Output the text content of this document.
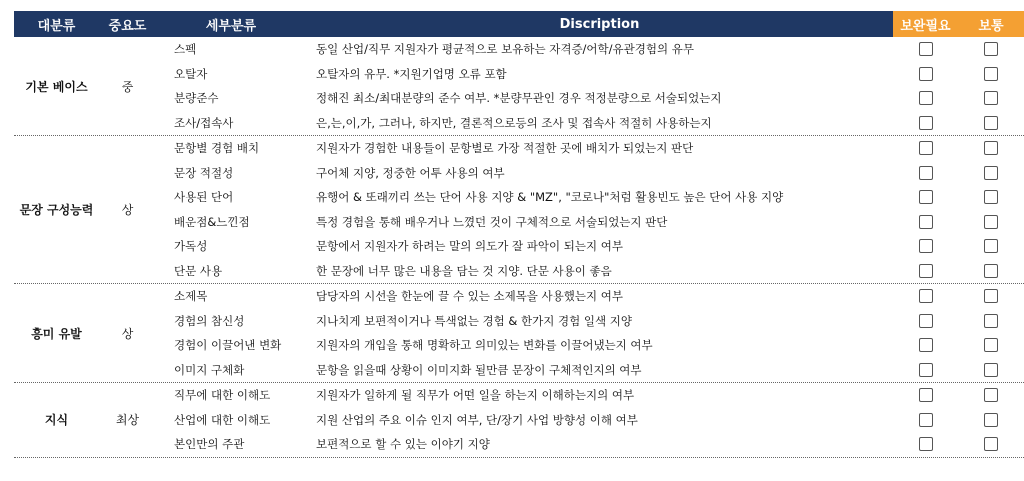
대분류	중요도	세부분류	Discription	보완필요	보통
기본 베이스	중
스펙	동일 산업/직무 지원자가 평균적으로 보유하는 자격증/어학/유관경험의 유무
오탈자	오탈자의 유무. *지원기업명 오류 포함
분량준수	정해진 최소/최대분량의 준수 여부. *분량무관인 경우 적정분량으로 서술되었는지
조사/접속사	은,는,이,가, 그러나, 하지만, 결론적으로등의 조사 및 접속사 적절히 사용하는지
문장 구성능력	상
문항별 경험 배치	지원자가 경험한 내용들이 문항별로 가장 적절한 곳에 배치가 되었는지 판단
문장 적절성	구어체 지양, 정중한 어투 사용의 여부
사용된 단어	유행어 & 또래끼리 쓰는 단어 사용 지양 & "MZ", "코로나"처럼 활용빈도 높은 단어 사용 지양
배운점&느낀점	특정 경험을 통해 배우거나 느꼈던 것이 구체적으로 서술되었는지 판단
가독성	문항에서 지원자가 하려는 말의 의도가 잘 파악이 되는지 여부
단문 사용	한 문장에 너무 많은 내용을 담는 것 지양. 단문 사용이 좋음
흥미 유발	상
소제목	담당자의 시선을 한눈에 끌 수 있는 소제목을 사용했는지 여부
경험의 참신성	지나치게 보편적이거나 특색없는 경험 & 한가지 경험 일색 지양
경험이 이끌어낸 변화	지원자의 개입을 통해 명확하고 의미있는 변화를 이끌어냈는지 여부
이미지 구체화	문항을 읽을때 상황이 이미지화 될만큼 문장이 구체적인지의 여부
지식	최상
직무에 대한 이해도	지원자가 일하게 될 직무가 어떤 일을 하는지 이해하는지의 여부
산업에 대한 이해도	지원 산업의 주요 이슈 인지 여부, 단/장기 사업 방향성 이해 여부
본인만의 주관	보편적으로 할 수 있는 이야기 지양
